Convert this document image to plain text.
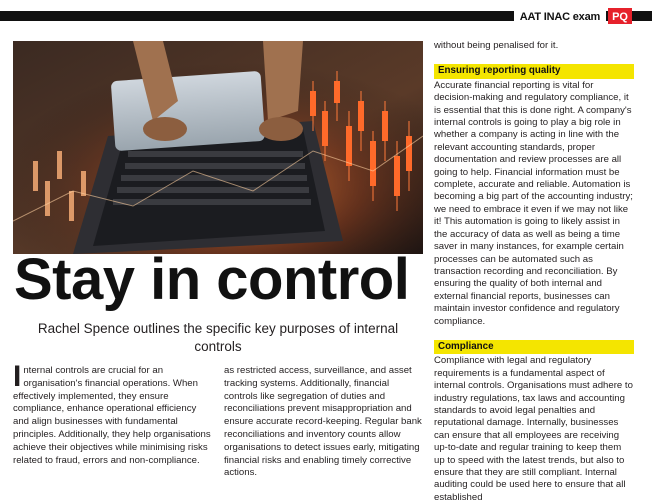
AAT INAC exam	PQ
Stay in control
Rachel Spence outlines the specific key purposes of internal controls
Internal controls are crucial for an organisation's financial operations. When effectively implemented, they ensure compliance, enhance operational efficiency and align businesses with fundamental principles. Additionally, they help organisations achieve their objectives while minimising risks related to fraud, errors and non-compliance.
as restricted access, surveillance, and asset tracking systems. Additionally, financial controls like segregation of duties and reconciliations prevent misappropriation and ensure accurate record-keeping. Regular bank reconciliations and inventory counts allow organisations to detect issues early, mitigating financial risks and enabling timely corrective actions.

without being penalised for it.

Ensuring reporting quality

Accurate financial reporting is vital for decision-making and regulatory compliance, it is essential that this is done right. A company's internal controls is going to play a big role in whether a company is acting in line with the relevant accounting standards, proper documentation and review processes are all going to help. Financial information must be complete, accurate and reliable. Automation is becoming a big part of the accounting industry; we need to embrace it even if we may not like it! This automation is going to likely assist in the accuracy of data as well as being a time saver in many instances, for example certain processes can be automated such as transaction recording and reconciliation. By ensuring the quality of both internal and external financial reports, businesses can maintain investor confidence and regulatory compliance.

Compliance

Compliance with legal and regulatory requirements is a fundamental aspect of internal controls. Organisations must adhere to industry regulations, tax laws and accounting standards to avoid legal penalties and reputational damage. Internally, businesses can ensure that all employees are receiving up-to-date and regular training to keep them up to speed with the latest trends, but also to ensure that they are still compliant. Internal auditing could be used here to ensure that all established
